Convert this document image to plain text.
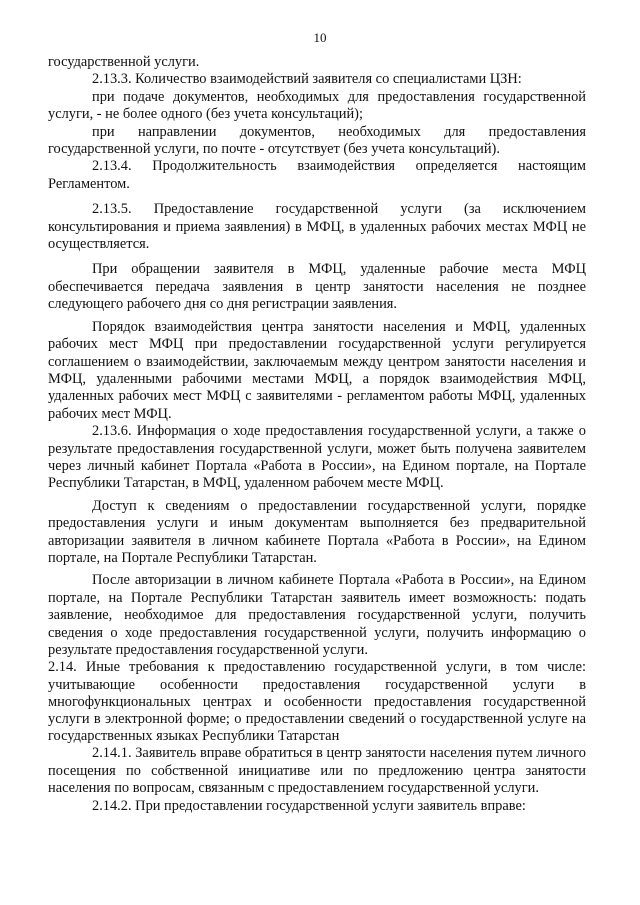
10

государственной услуги.

2.13.3. Количество взаимодействий заявителя со специалистами ЦЗН:

при подаче документов, необходимых для предоставления государственной услуги, - не более одного (без учета консультаций);

при направлении документов, необходимых для предоставления государственной услуги, по почте - отсутствует (без учета консультаций).

2.13.4. Продолжительность взаимодействия определяется настоящим Регламентом.

2.13.5. Предоставление государственной услуги (за исключением консультирования и приема заявления) в МФЦ, в удаленных рабочих местах МФЦ не осуществляется.

При обращении заявителя в МФЦ, удаленные рабочие места МФЦ обеспечивается передача заявления в центр занятости населения не позднее следующего рабочего дня со дня регистрации заявления.

Порядок взаимодействия центра занятости населения и МФЦ, удаленных рабочих мест МФЦ при предоставлении государственной услуги регулируется соглашением о взаимодействии, заключаемым между центром занятости населения и МФЦ, удаленными рабочими местами МФЦ, а порядок взаимодействия МФЦ, удаленных рабочих мест МФЦ с заявителями - регламентом работы МФЦ, удаленных рабочих мест МФЦ.

2.13.6. Информация о ходе предоставления государственной услуги, а также о результате предоставления государственной услуги, может быть получена заявителем через личный кабинет Портала «Работа в России», на Едином портале, на Портале Республики Татарстан, в МФЦ, удаленном рабочем месте МФЦ.

Доступ к сведениям о предоставлении государственной услуги, порядке предоставления услуги и иным документам выполняется без предварительной авторизации заявителя в личном кабинете Портала «Работа в России», на Едином портале, на Портале Республики Татарстан.

После авторизации в личном кабинете Портала «Работа в России», на Едином портале, на Портале Республики Татарстан заявитель имеет возможность: подать заявление, необходимое для предоставления государственной услуги, получить сведения о ходе предоставления государственной услуги, получить информацию о результате предоставления государственной услуги.

2.14. Иные требования к предоставлению государственной услуги, в том числе: учитывающие особенности предоставления государственной услуги в многофункциональных центрах и особенности предоставления государственной услуги в электронной форме; о предоставлении сведений о государственной услуге на государственных языках Республики Татарстан

2.14.1. Заявитель вправе обратиться в центр занятости населения путем личного посещения по собственной инициативе или по предложению центра занятости населения по вопросам, связанным с предоставлением государственной услуги.

2.14.2. При предоставлении государственной услуги заявитель вправе:
